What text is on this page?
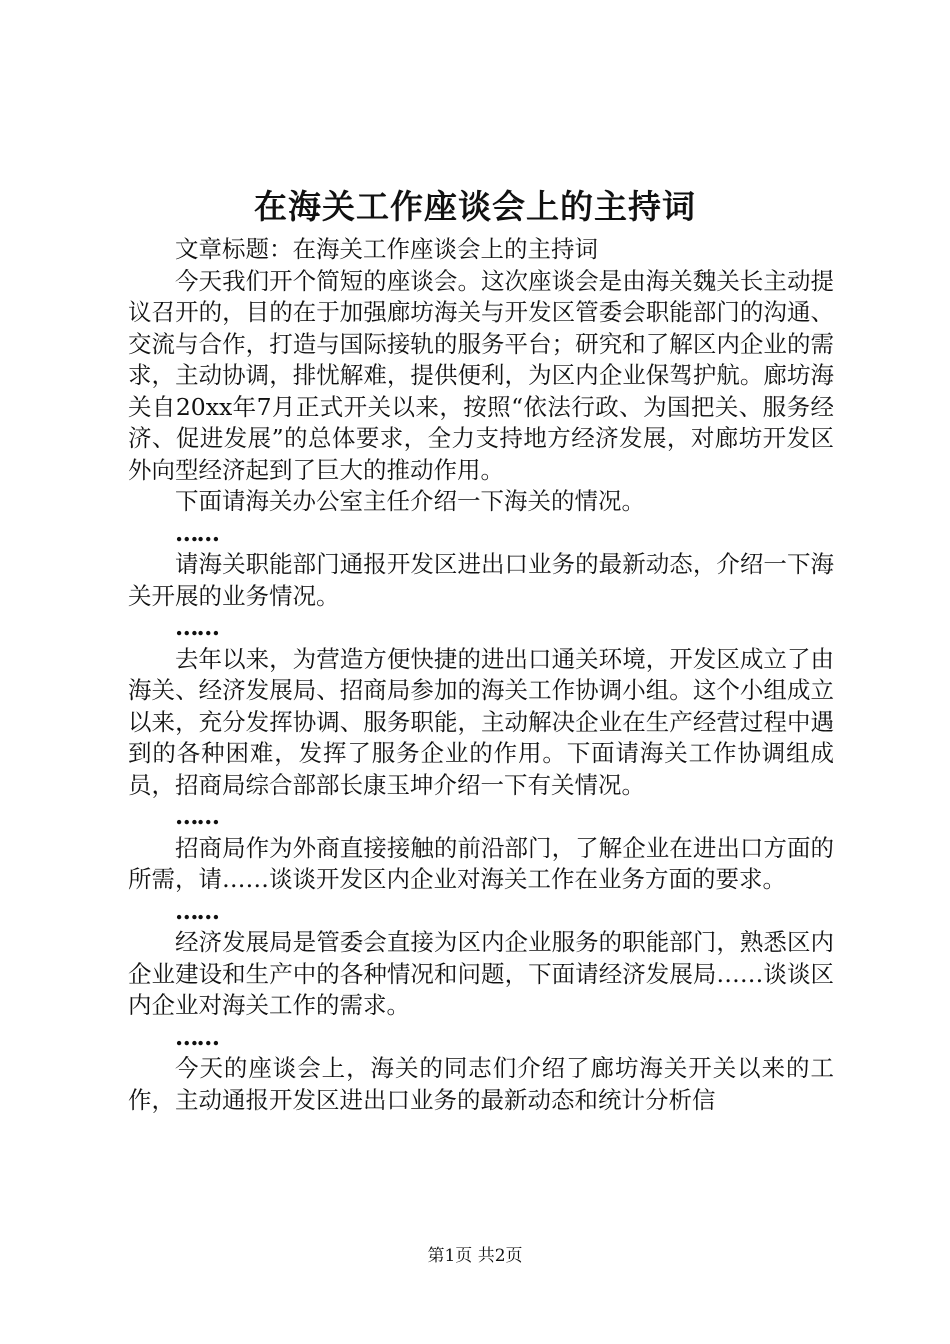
在海关工作座谈会上的主持词

文章标题：在海关工作座谈会上的主持词

今天我们开个简短的座谈会。这次座谈会是由海关魏关长主动提议召开的，目的在于加强廊坊海关与开发区管委会职能部门的沟通、交流与合作，打造与国际接轨的服务平台；研究和了解区内企业的需求，主动协调，排忧解难，提供便利，为区内企业保驾护航。廊坊海关自20xx年7月正式开关以来，按照“依法行政、为国把关、服务经济、促进发展”的总体要求，全力支持地方经济发展，对廊坊开发区外向型经济起到了巨大的推动作用。

下面请海关办公室主任介绍一下海关的情况。

……

请海关职能部门通报开发区进出口业务的最新动态，介绍一下海关开展的业务情况。

……

去年以来，为营造方便快捷的进出口通关环境，开发区成立了由海关、经济发展局、招商局参加的海关工作协调小组。这个小组成立以来，充分发挥协调、服务职能，主动解决企业在生产经营过程中遇到的各种困难，发挥了服务企业的作用。下面请海关工作协调组成员，招商局综合部部长康玉坤介绍一下有关情况。

……

招商局作为外商直接接触的前沿部门，了解企业在进出口方面的所需，请……谈谈开发区内企业对海关工作在业务方面的要求。

……

经济发展局是管委会直接为区内企业服务的职能部门，熟悉区内企业建设和生产中的各种情况和问题，下面请经济发展局……谈谈区内企业对海关工作的需求。

……

今天的座谈会上，海关的同志们介绍了廊坊海关开关以来的工作，主动通报开发区进出口业务的最新动态和统计分析信

第1页 共2页
